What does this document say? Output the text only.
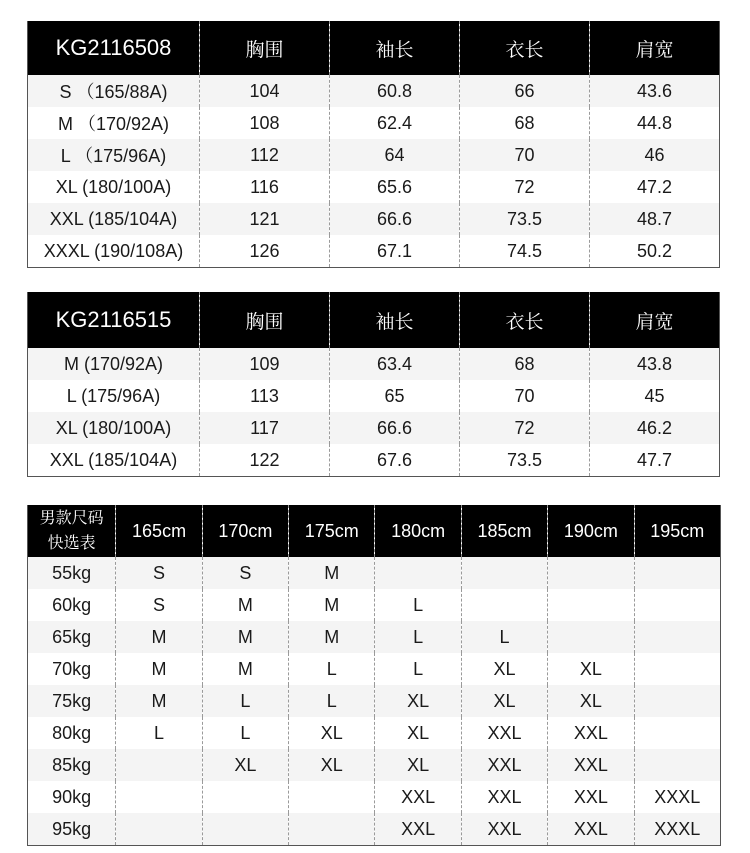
KG2116508	胸围	袖长	衣长	肩宽
S （165/88A)	104	60.8	66	43.6
M （170/92A)	108	62.4	68	44.8
L （175/96A)	112	64	70	46
XL (180/100A)	116	65.6	72	47.2
XXL (185/104A)	121	66.6	73.5	48.7
XXXL (190/108A)	126	67.1	74.5	50.2
KG2116515	胸围	袖长	衣长	肩宽
M (170/92A)	109	63.4	68	43.8
L (175/96A)	113	65	70	45
XL (180/100A)	117	66.6	72	46.2
XXL (185/104A)	122	67.6	73.5	47.7
男款尺码
快选表	165cm	170cm	175cm	180cm	185cm	190cm	195cm
55kg	S	S	M				
60kg	S	M	M	L			
65kg	M	M	M	L	L		
70kg	M	M	L	L	XL	XL	
75kg	M	L	L	XL	XL	XL	
80kg	L	L	XL	XL	XXL	XXL	
85kg		XL	XL	XL	XXL	XXL	
90kg				XXL	XXL	XXL	XXXL
95kg				XXL	XXL	XXL	XXXL
